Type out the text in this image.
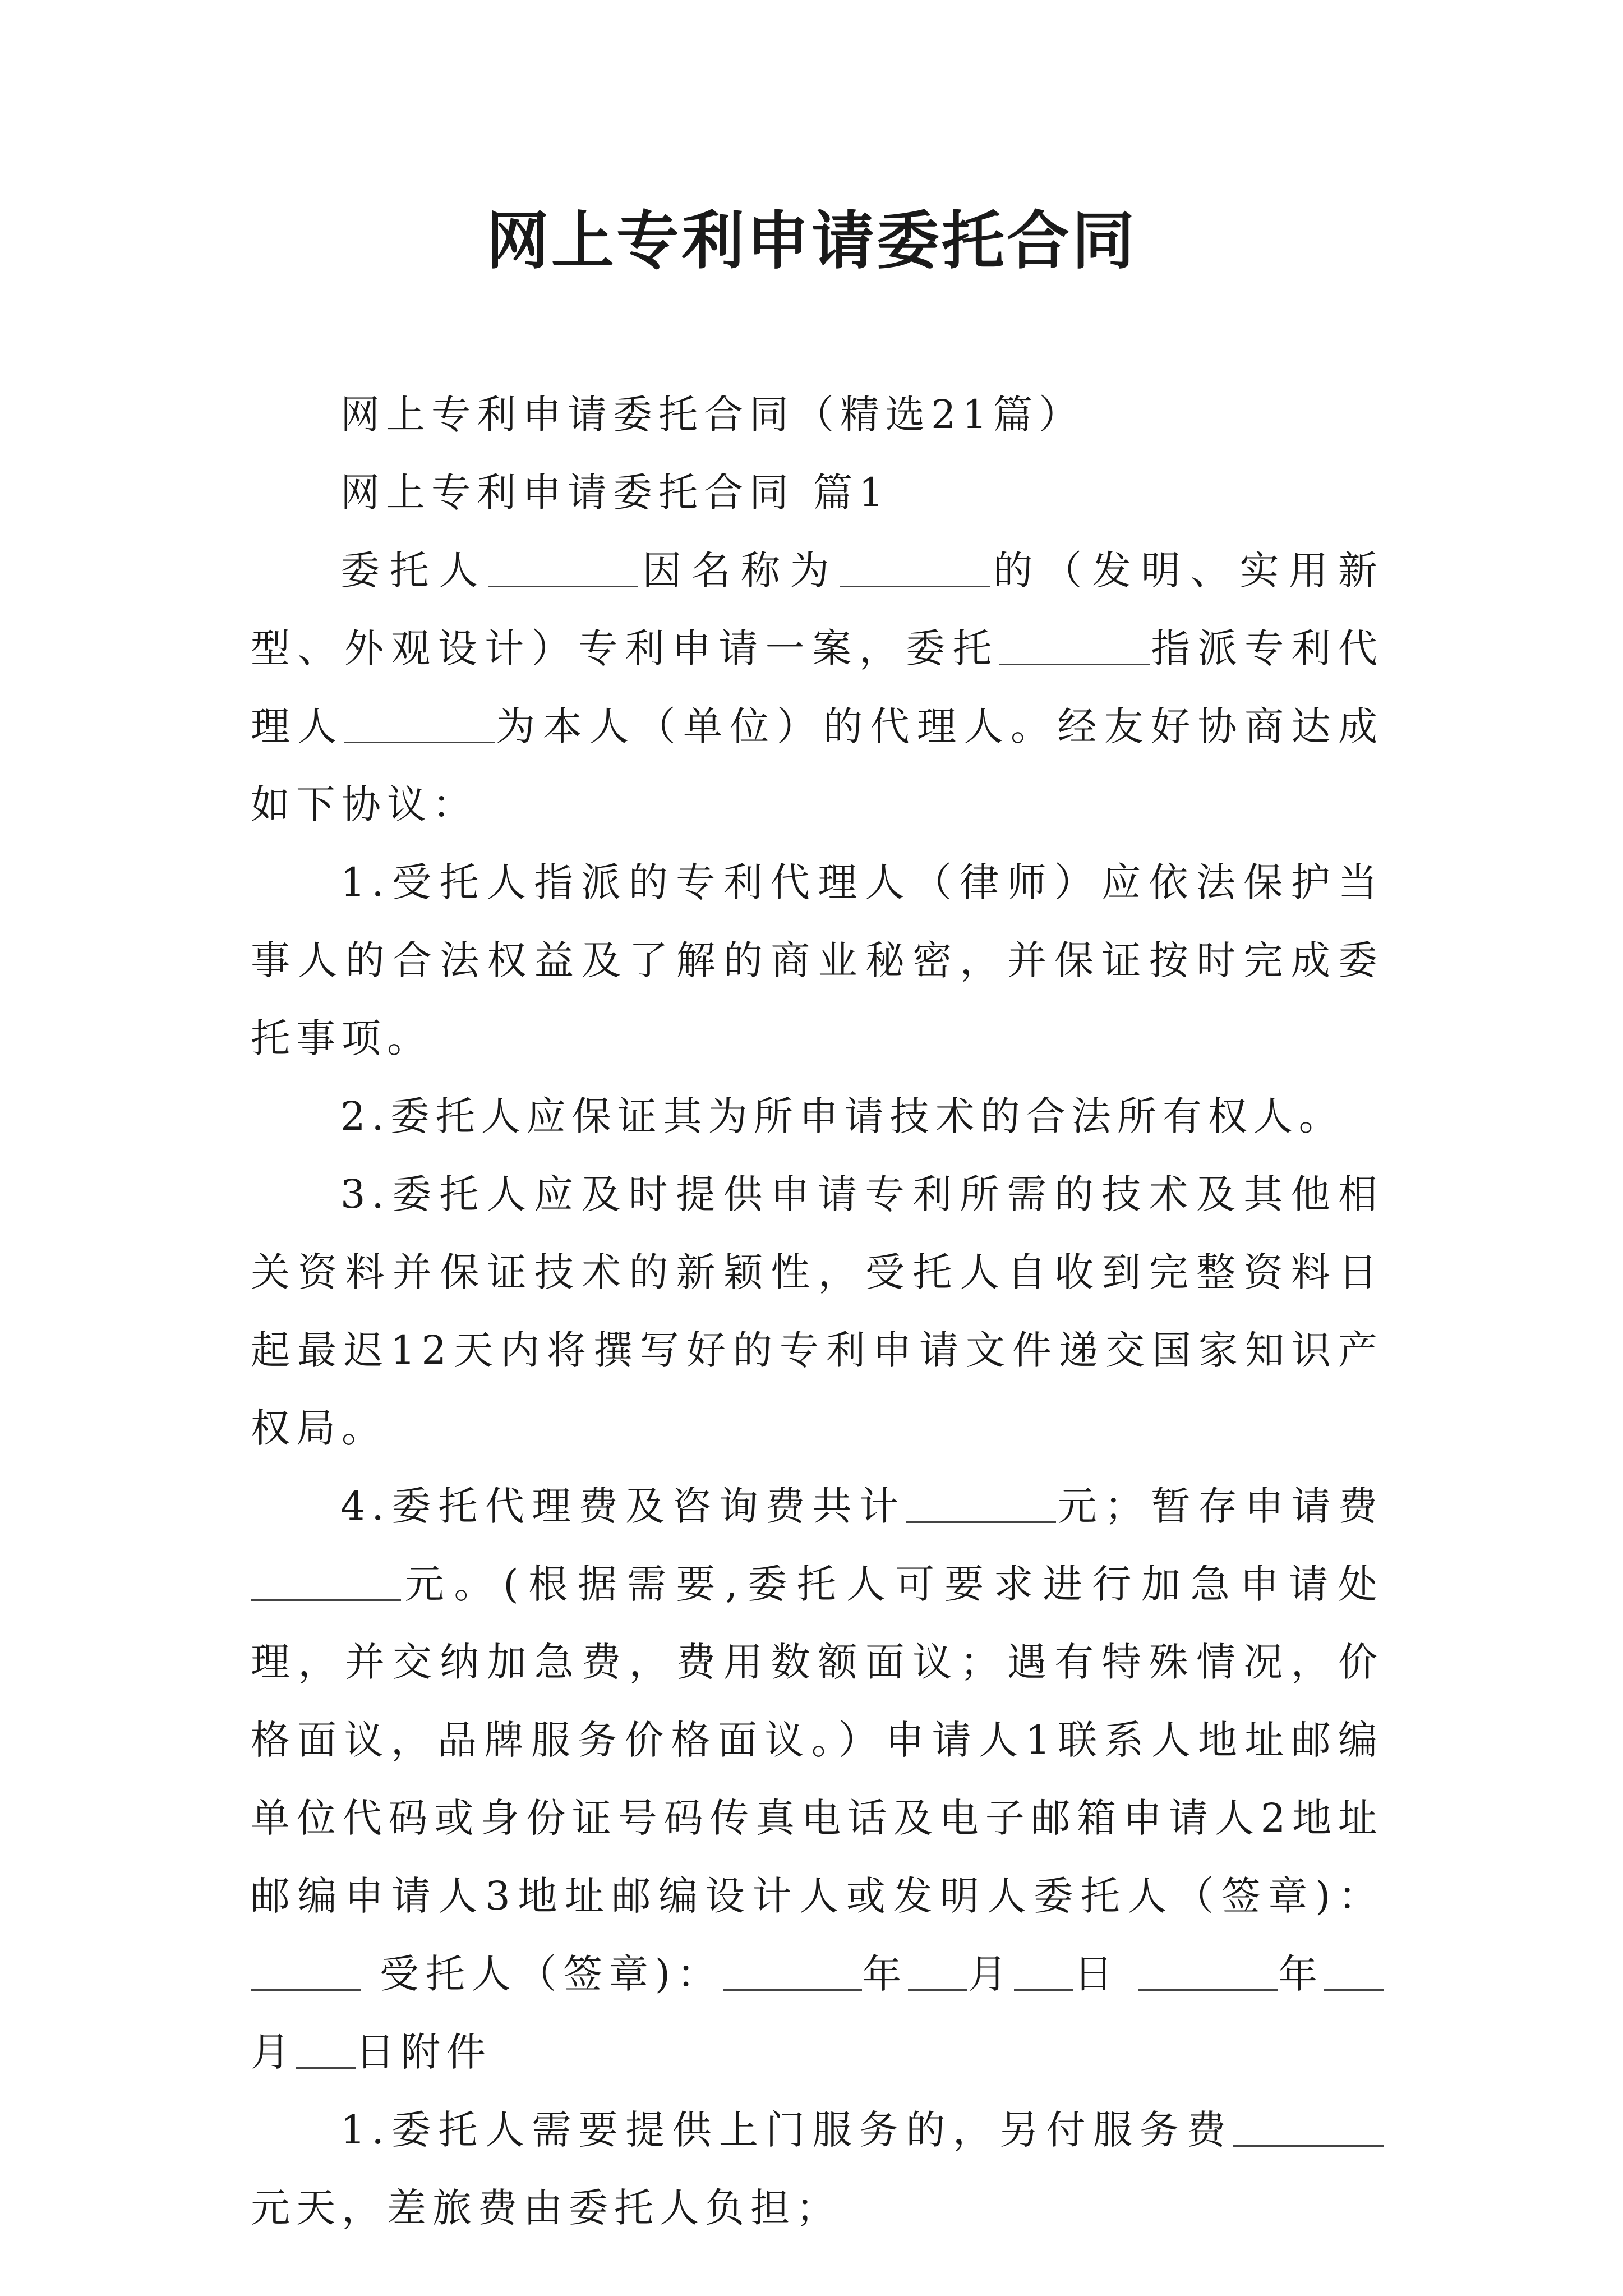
网上专利申请委托合同

网上专利申请委托合同（精选21篇）

网上专利申请委托合同 篇1

委托人	因名称为	的（发明、实用新型、外观设计）专利申请一案，委托	指派专利代理人	为本人（单位）的代理人。经友好协商达成如下协议：

1.受托人指派的专利代理人（律师）应依法保护当事人的合法权益及了解的商业秘密，并保证按时完成委托事项。

2.委托人应保证其为所申请技术的合法所有权人。

3.委托人应及时提供申请专利所需的技术及其他相关资料并保证技术的新颖性，受托人自收到完整资料日起最迟12天内将撰写好的专利申请文件递交国家知识产权局。

4.委托代理费及咨询费共计	元；暂存申请费元。(根据需要,委托人可要求进行加急申请处理，并交纳加急费，费用数额面议；遇有特殊情况，价格面议，品牌服务价格面议。）申请人1联系人地址邮编单位代码或身份证号码传真电话及电子邮箱申请人2地址邮编申请人3地址邮编设计人或发明人委托人（签章)： 受托人（签章)：	年 月 日	年月 日附件

1.委托人需要提供上门服务的，另付服务费元天，差旅费由委托人负担；
